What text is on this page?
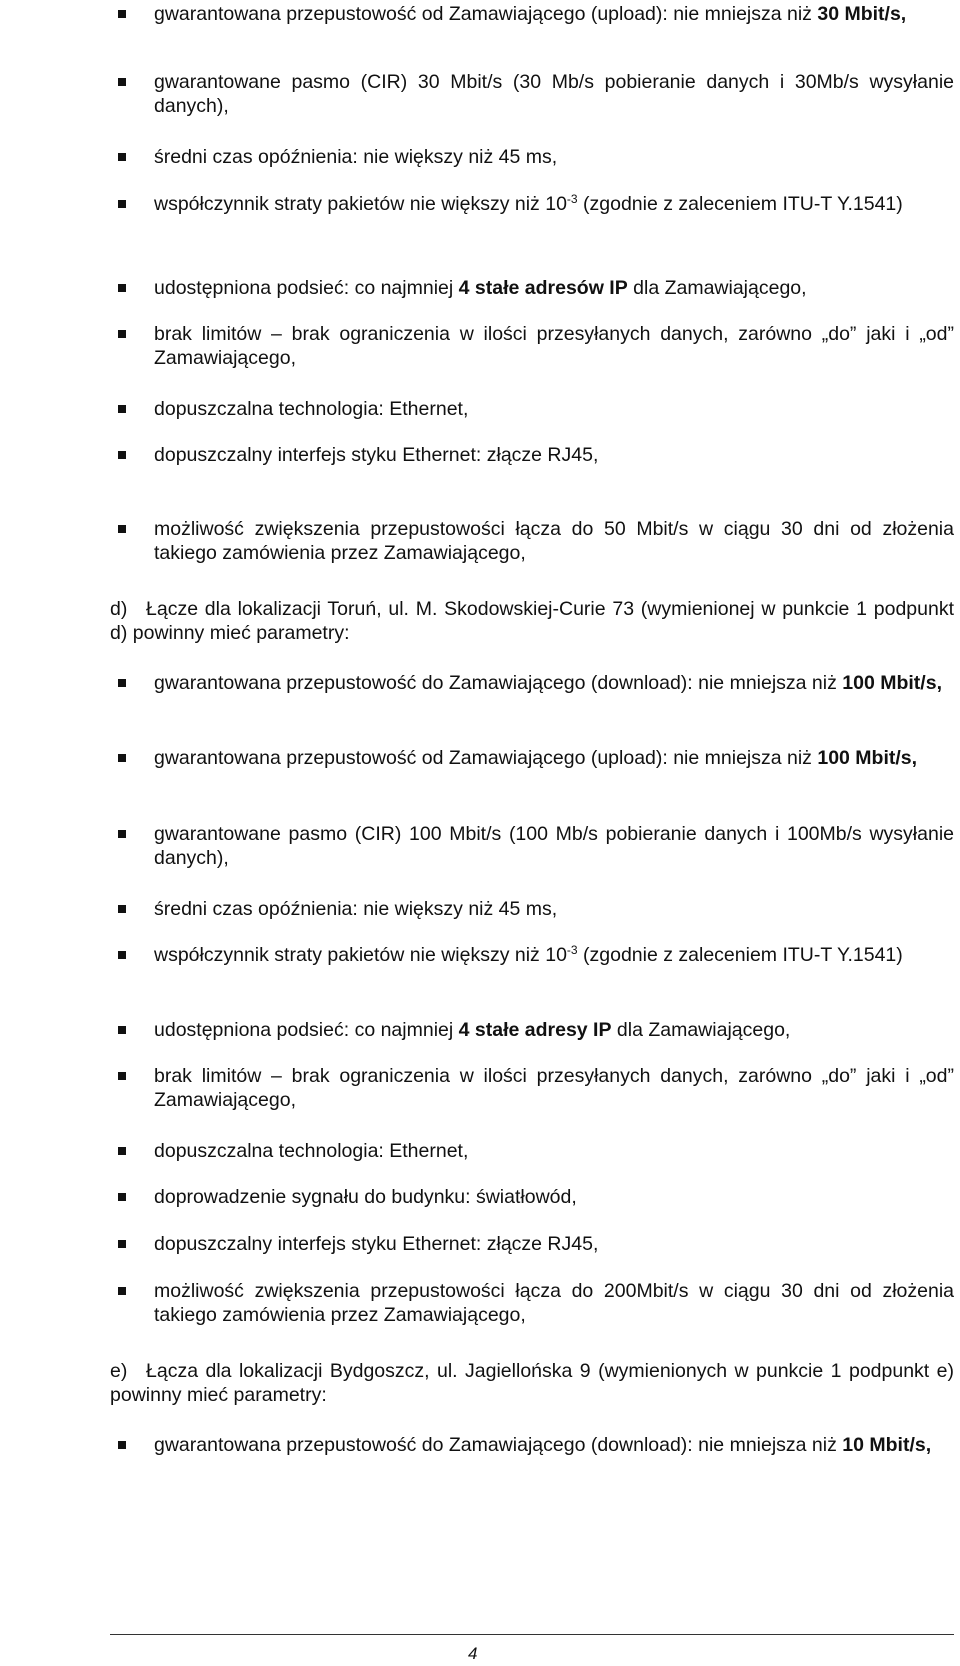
gwarantowana przepustowość od Zamawiającego (upload): nie mniejsza niż 30 Mbit/s,

gwarantowane pasmo (CIR) 30 Mbit/s (30 Mb/s pobieranie danych i 30Mb/s wysyłanie danych),

średni czas opóźnienia: nie większy niż 45 ms,

współczynnik straty pakietów nie większy niż $10^{-3}$ (zgodnie z zaleceniem ITU-T Y.1541)

udostępniona podsieć: co najmniej 4 stałe adresów IP dla Zamawiającego,

brak limitów – brak ograniczenia w ilości przesyłanych danych, zarówno „do” jaki i „od” Zamawiającego,

dopuszczalna technologia: Ethernet,

dopuszczalny interfejs styku Ethernet: złącze RJ45,

możliwość zwiększenia przepustowości łącza do 50 Mbit/s w ciągu 30 dni od złożenia takiego zamówienia przez Zamawiającego,

d) Łącze dla lokalizacji Toruń, ul. M. Skodowskiej-Curie 73 (wymienionej w punkcie 1 podpunkt d) powinny mieć parametry:

gwarantowana przepustowość do Zamawiającego (download): nie mniejsza niż 100 Mbit/s,

gwarantowana przepustowość od Zamawiającego (upload): nie mniejsza niż 100 Mbit/s,

gwarantowane pasmo (CIR) 100 Mbit/s (100 Mb/s pobieranie danych i 100Mb/s wysyłanie danych),

średni czas opóźnienia: nie większy niż 45 ms,

współczynnik straty pakietów nie większy niż $10^{-3}$ (zgodnie z zaleceniem ITU-T Y.1541)

udostępniona podsieć: co najmniej 4 stałe adresy IP dla Zamawiającego,

brak limitów – brak ograniczenia w ilości przesyłanych danych, zarówno „do” jaki i „od” Zamawiającego,

dopuszczalna technologia: Ethernet,

doprowadzenie sygnału do budynku: światłowód,

dopuszczalny interfejs styku Ethernet: złącze RJ45,

możliwość zwiększenia przepustowości łącza do 200Mbit/s w ciągu 30 dni od złożenia takiego zamówienia przez Zamawiającego,

e) Łącza dla lokalizacji Bydgoszcz, ul. Jagiellońska 9 (wymienionych w punkcie 1 podpunkt e) powinny mieć parametry:

gwarantowana przepustowość do Zamawiającego (download): nie mniejsza niż 10 Mbit/s,

4
